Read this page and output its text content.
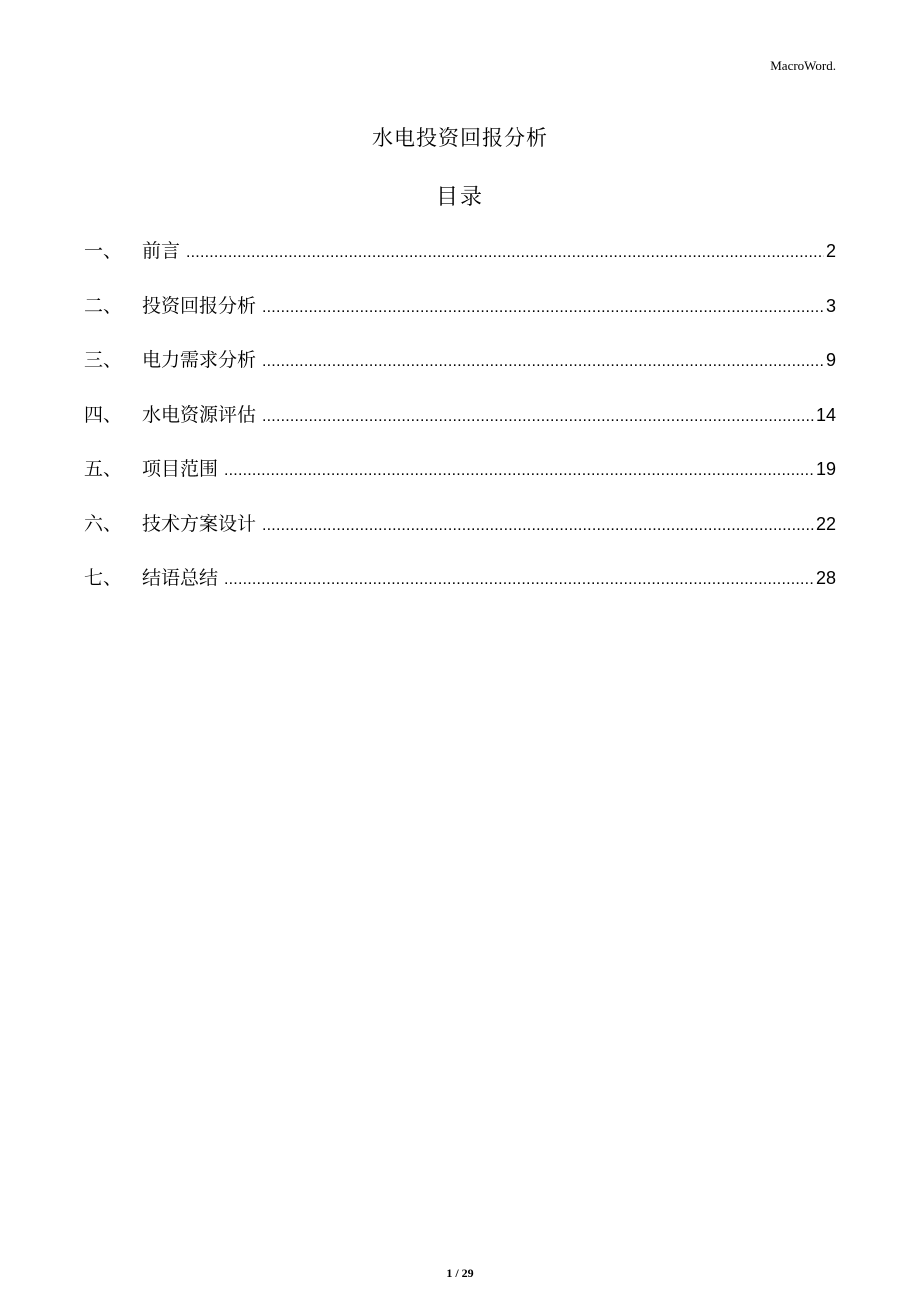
MacroWord.
水电投资回报分析
目录
一、	前言 .....	2
二、	投资回报分析 .....	3
三、	电力需求分析 .....	9
四、	水电资源评估 .....	14
五、	项目范围 .....	19
六、	技术方案设计 .....	22
七、	结语总结 .....	28
1 / 29
